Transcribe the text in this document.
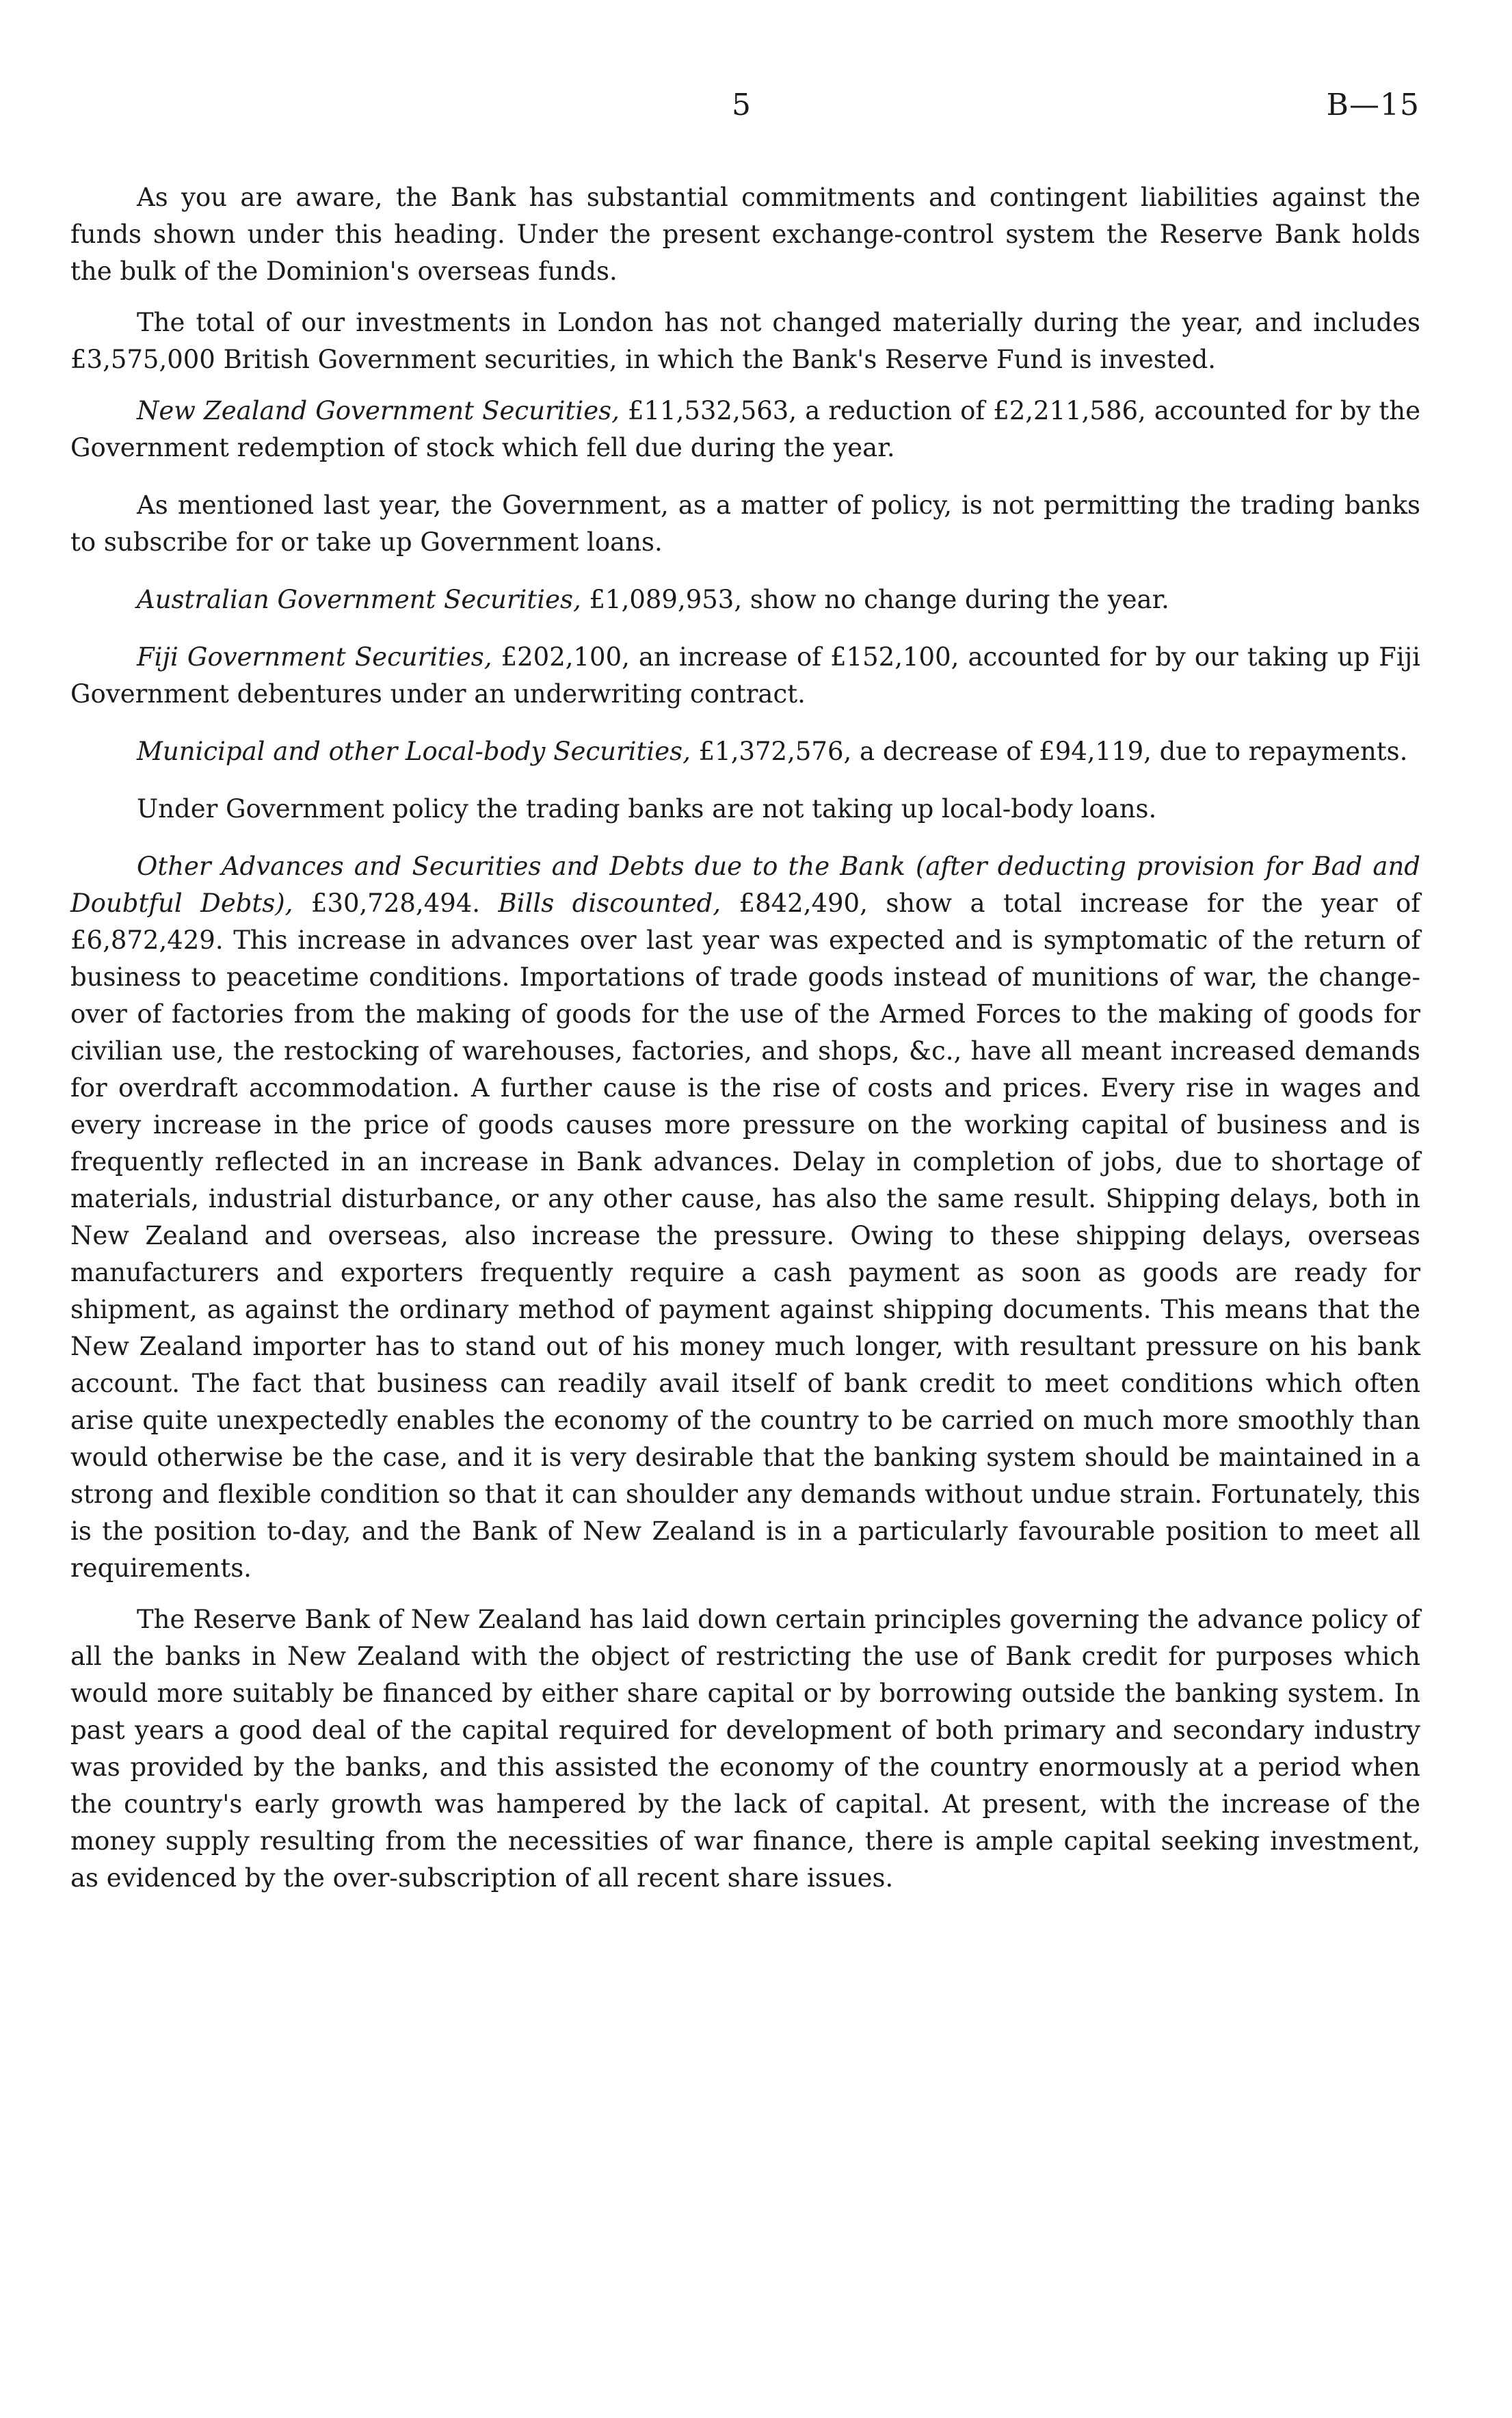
5	B—15

As you are aware, the Bank has substantial commitments and contingent liabilities against the funds shown under this heading. Under the present exchange-control system the Reserve Bank holds the bulk of the Dominion's overseas funds.

The total of our investments in London has not changed materially during the year, and includes £3,575,000 British Government securities, in which the Bank's Reserve Fund is invested.

New Zealand Government Securities, £11,532,563, a reduction of £2,211,586, accounted for by the Government redemption of stock which fell due during the year.

As mentioned last year, the Government, as a matter of policy, is not permitting the trading banks to subscribe for or take up Government loans.

Australian Government Securities, £1,089,953, show no change during the year.

Fiji Government Securities, £202,100, an increase of £152,100, accounted for by our taking up Fiji Government debentures under an underwriting contract.

Municipal and other Local-body Securities, £1,372,576, a decrease of £94,119, due to repayments.

Under Government policy the trading banks are not taking up local-body loans.

Other Advances and Securities and Debts due to the Bank (after deducting provision for Bad and Doubtful Debts), £30,728,494. Bills discounted, £842,490, show a total increase for the year of £6,872,429. This increase in advances over last year was expected and is symptomatic of the return of business to peacetime conditions. Importations of trade goods instead of munitions of war, the change-over of factories from the making of goods for the use of the Armed Forces to the making of goods for civilian use, the restocking of warehouses, factories, and shops, &c., have all meant increased demands for overdraft accommodation. A further cause is the rise of costs and prices. Every rise in wages and every increase in the price of goods causes more pressure on the working capital of business and is frequently reflected in an increase in Bank advances. Delay in completion of jobs, due to shortage of materials, industrial disturbance, or any other cause, has also the same result. Shipping delays, both in New Zealand and overseas, also increase the pressure. Owing to these shipping delays, overseas manufacturers and exporters frequently require a cash payment as soon as goods are ready for shipment, as against the ordinary method of payment against shipping documents. This means that the New Zealand importer has to stand out of his money much longer, with resultant pressure on his bank account. The fact that business can readily avail itself of bank credit to meet conditions which often arise quite unexpectedly enables the economy of the country to be carried on much more smoothly than would otherwise be the case, and it is very desirable that the banking system should be maintained in a strong and flexible condition so that it can shoulder any demands without undue strain. Fortunately, this is the position to-day, and the Bank of New Zealand is in a particularly favourable position to meet all requirements.

The Reserve Bank of New Zealand has laid down certain principles governing the advance policy of all the banks in New Zealand with the object of restricting the use of Bank credit for purposes which would more suitably be financed by either share capital or by borrowing outside the banking system. In past years a good deal of the capital required for development of both primary and secondary industry was provided by the banks, and this assisted the economy of the country enormously at a period when the country's early growth was hampered by the lack of capital. At present, with the increase of the money supply resulting from the necessities of war finance, there is ample capital seeking investment, as evidenced by the over-subscription of all recent share issues.
